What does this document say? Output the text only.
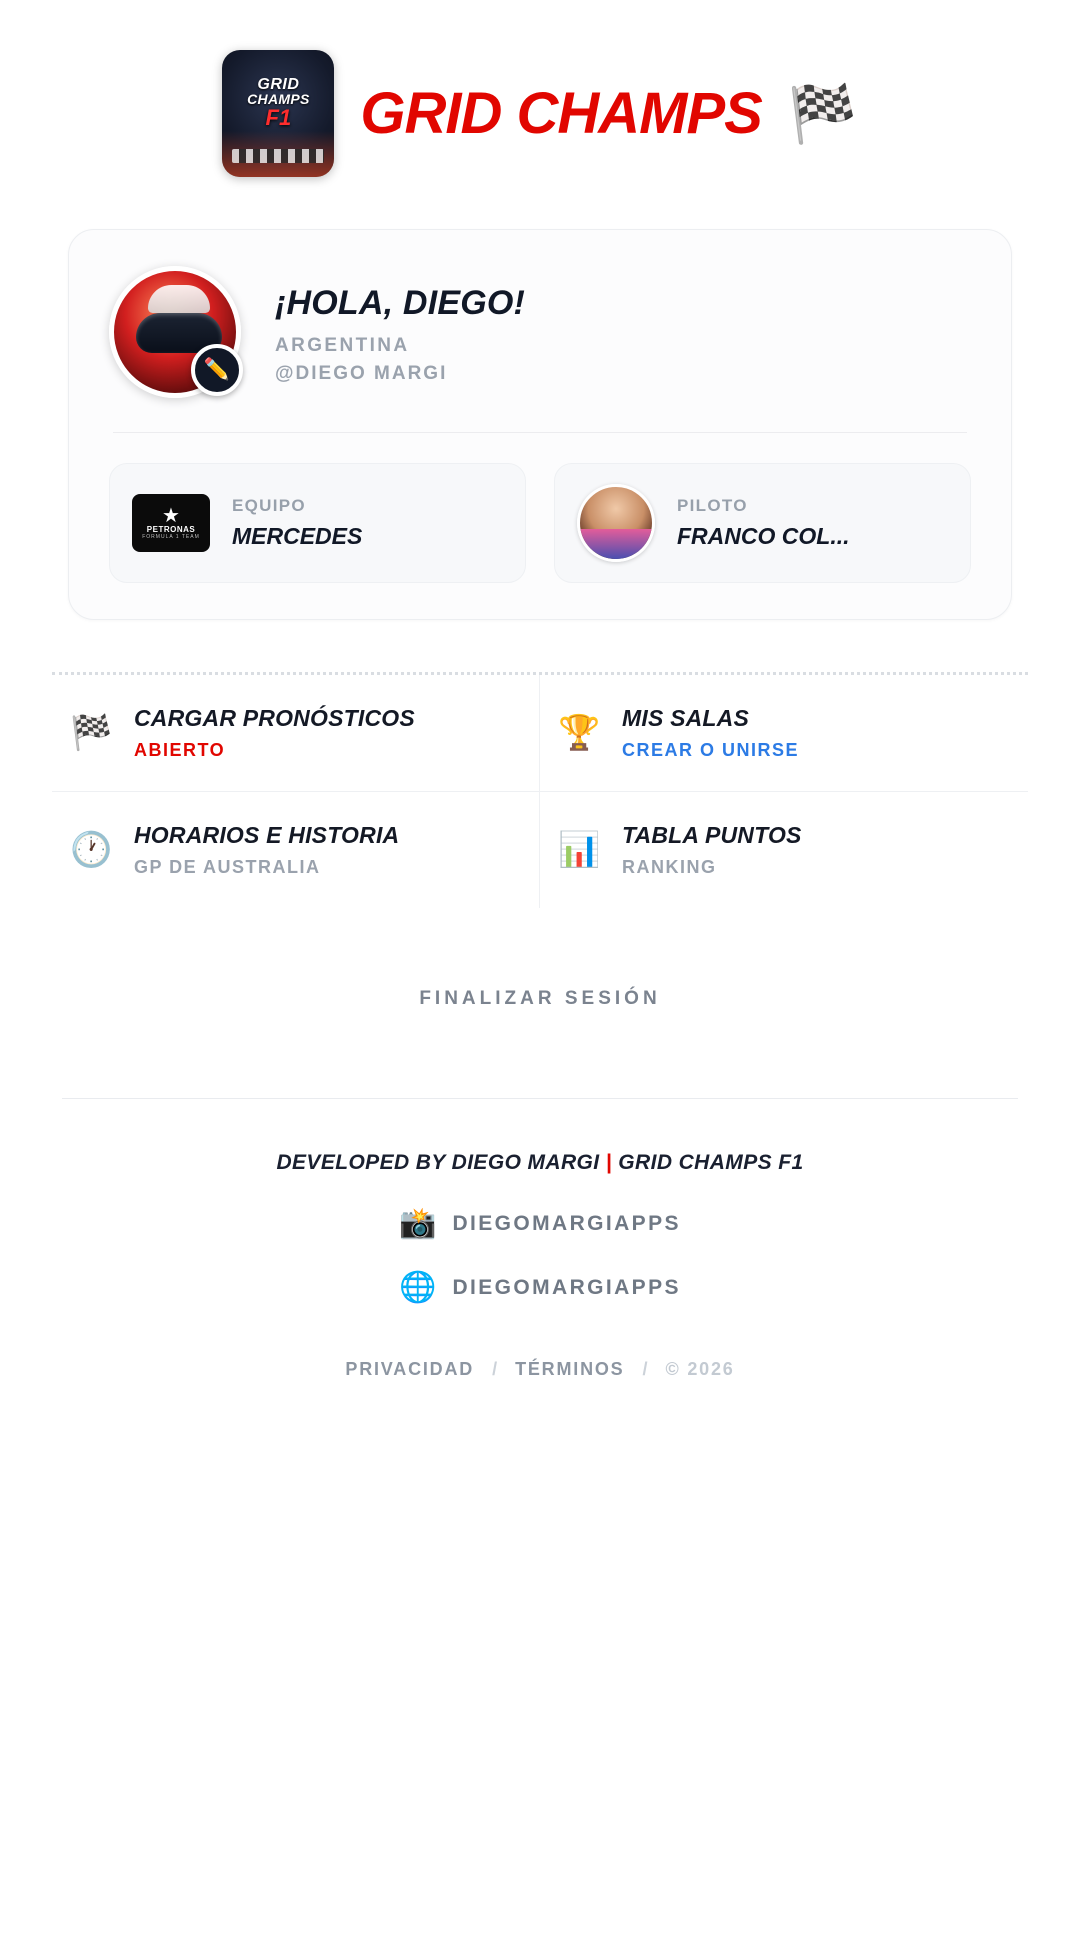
GRID
CHAMPS
F1	GRID CHAMPS 🏁
✏️
¡HOLA, DIEGO!
ARGENTINA
@DIEGO MARGI
★
PETRONAS
FORMULA 1 TEAM
EQUIPO
MERCEDES
PILOTO
FRANCO COL...
🏁 CARGAR PRONÓSTICOS
ABIERTO	🏆 MIS SALAS
CREAR O UNIRSE
🕐 HORARIOS E HISTORIA
GP DE AUSTRALIA	📊 TABLA PUNTOS
RANKING
FINALIZAR SESIÓN
DEVELOPED BY DIEGO MARGI | GRID CHAMPS F1
📸 DIEGOMARGIAPPS
🌐 DIEGOMARGIAPPS
PRIVACIDAD / TÉRMINOS / © 2026
